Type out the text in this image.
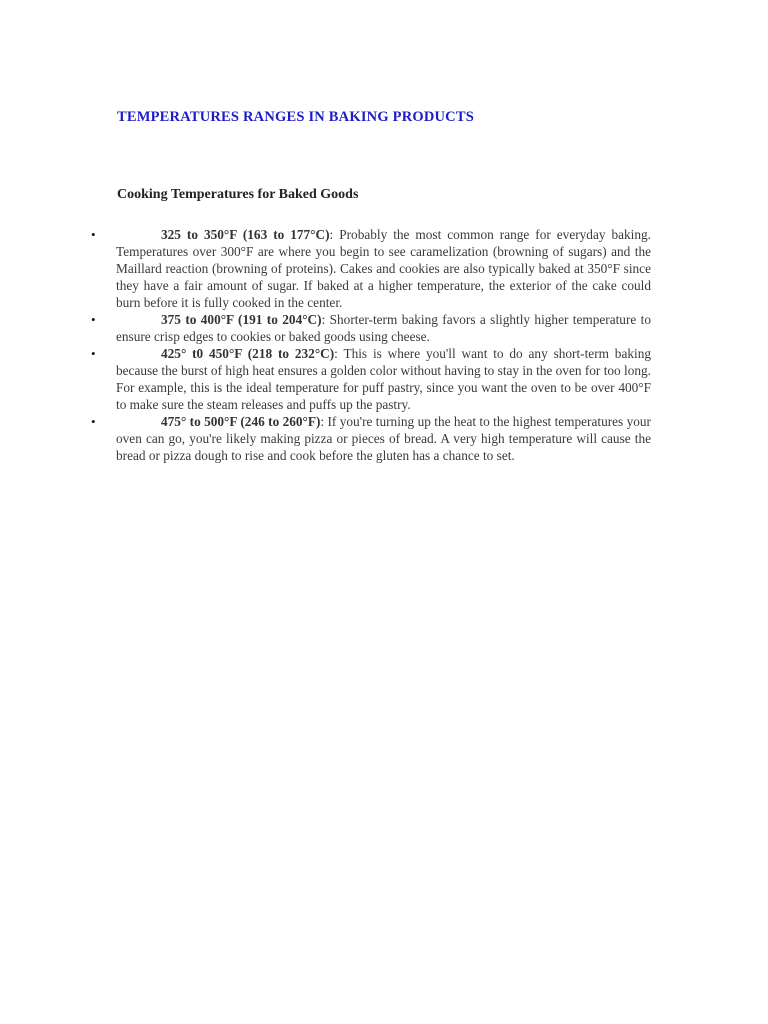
TEMPERATURES RANGES IN BAKING PRODUCTS
Cooking Temperatures for Baked Goods
•	325 to 350°F (163 to 177°C): Probably the most common range for everyday baking. Temperatures over 300°F are where you begin to see caramelization (browning of sugars) and the Maillard reaction (browning of proteins). Cakes and cookies are also typically baked at 350°F since they have a fair amount of sugar. If baked at a higher temperature, the exterior of the cake could burn before it is fully cooked in the center.
•	375 to 400°F (191 to 204°C): Shorter-term baking favors a slightly higher temperature to ensure crisp edges to cookies or baked goods using cheese.
•	425° t0 450°F (218 to 232°C): This is where you'll want to do any short-term baking because the burst of high heat ensures a golden color without having to stay in the oven for too long. For example, this is the ideal temperature for puff pastry, since you want the oven to be over 400°F to make sure the steam releases and puffs up the pastry.
•	475° to 500°F (246 to 260°F): If you're turning up the heat to the highest temperatures your oven can go, you're likely making pizza or pieces of bread. A very high temperature will cause the bread or pizza dough to rise and cook before the gluten has a chance to set.
